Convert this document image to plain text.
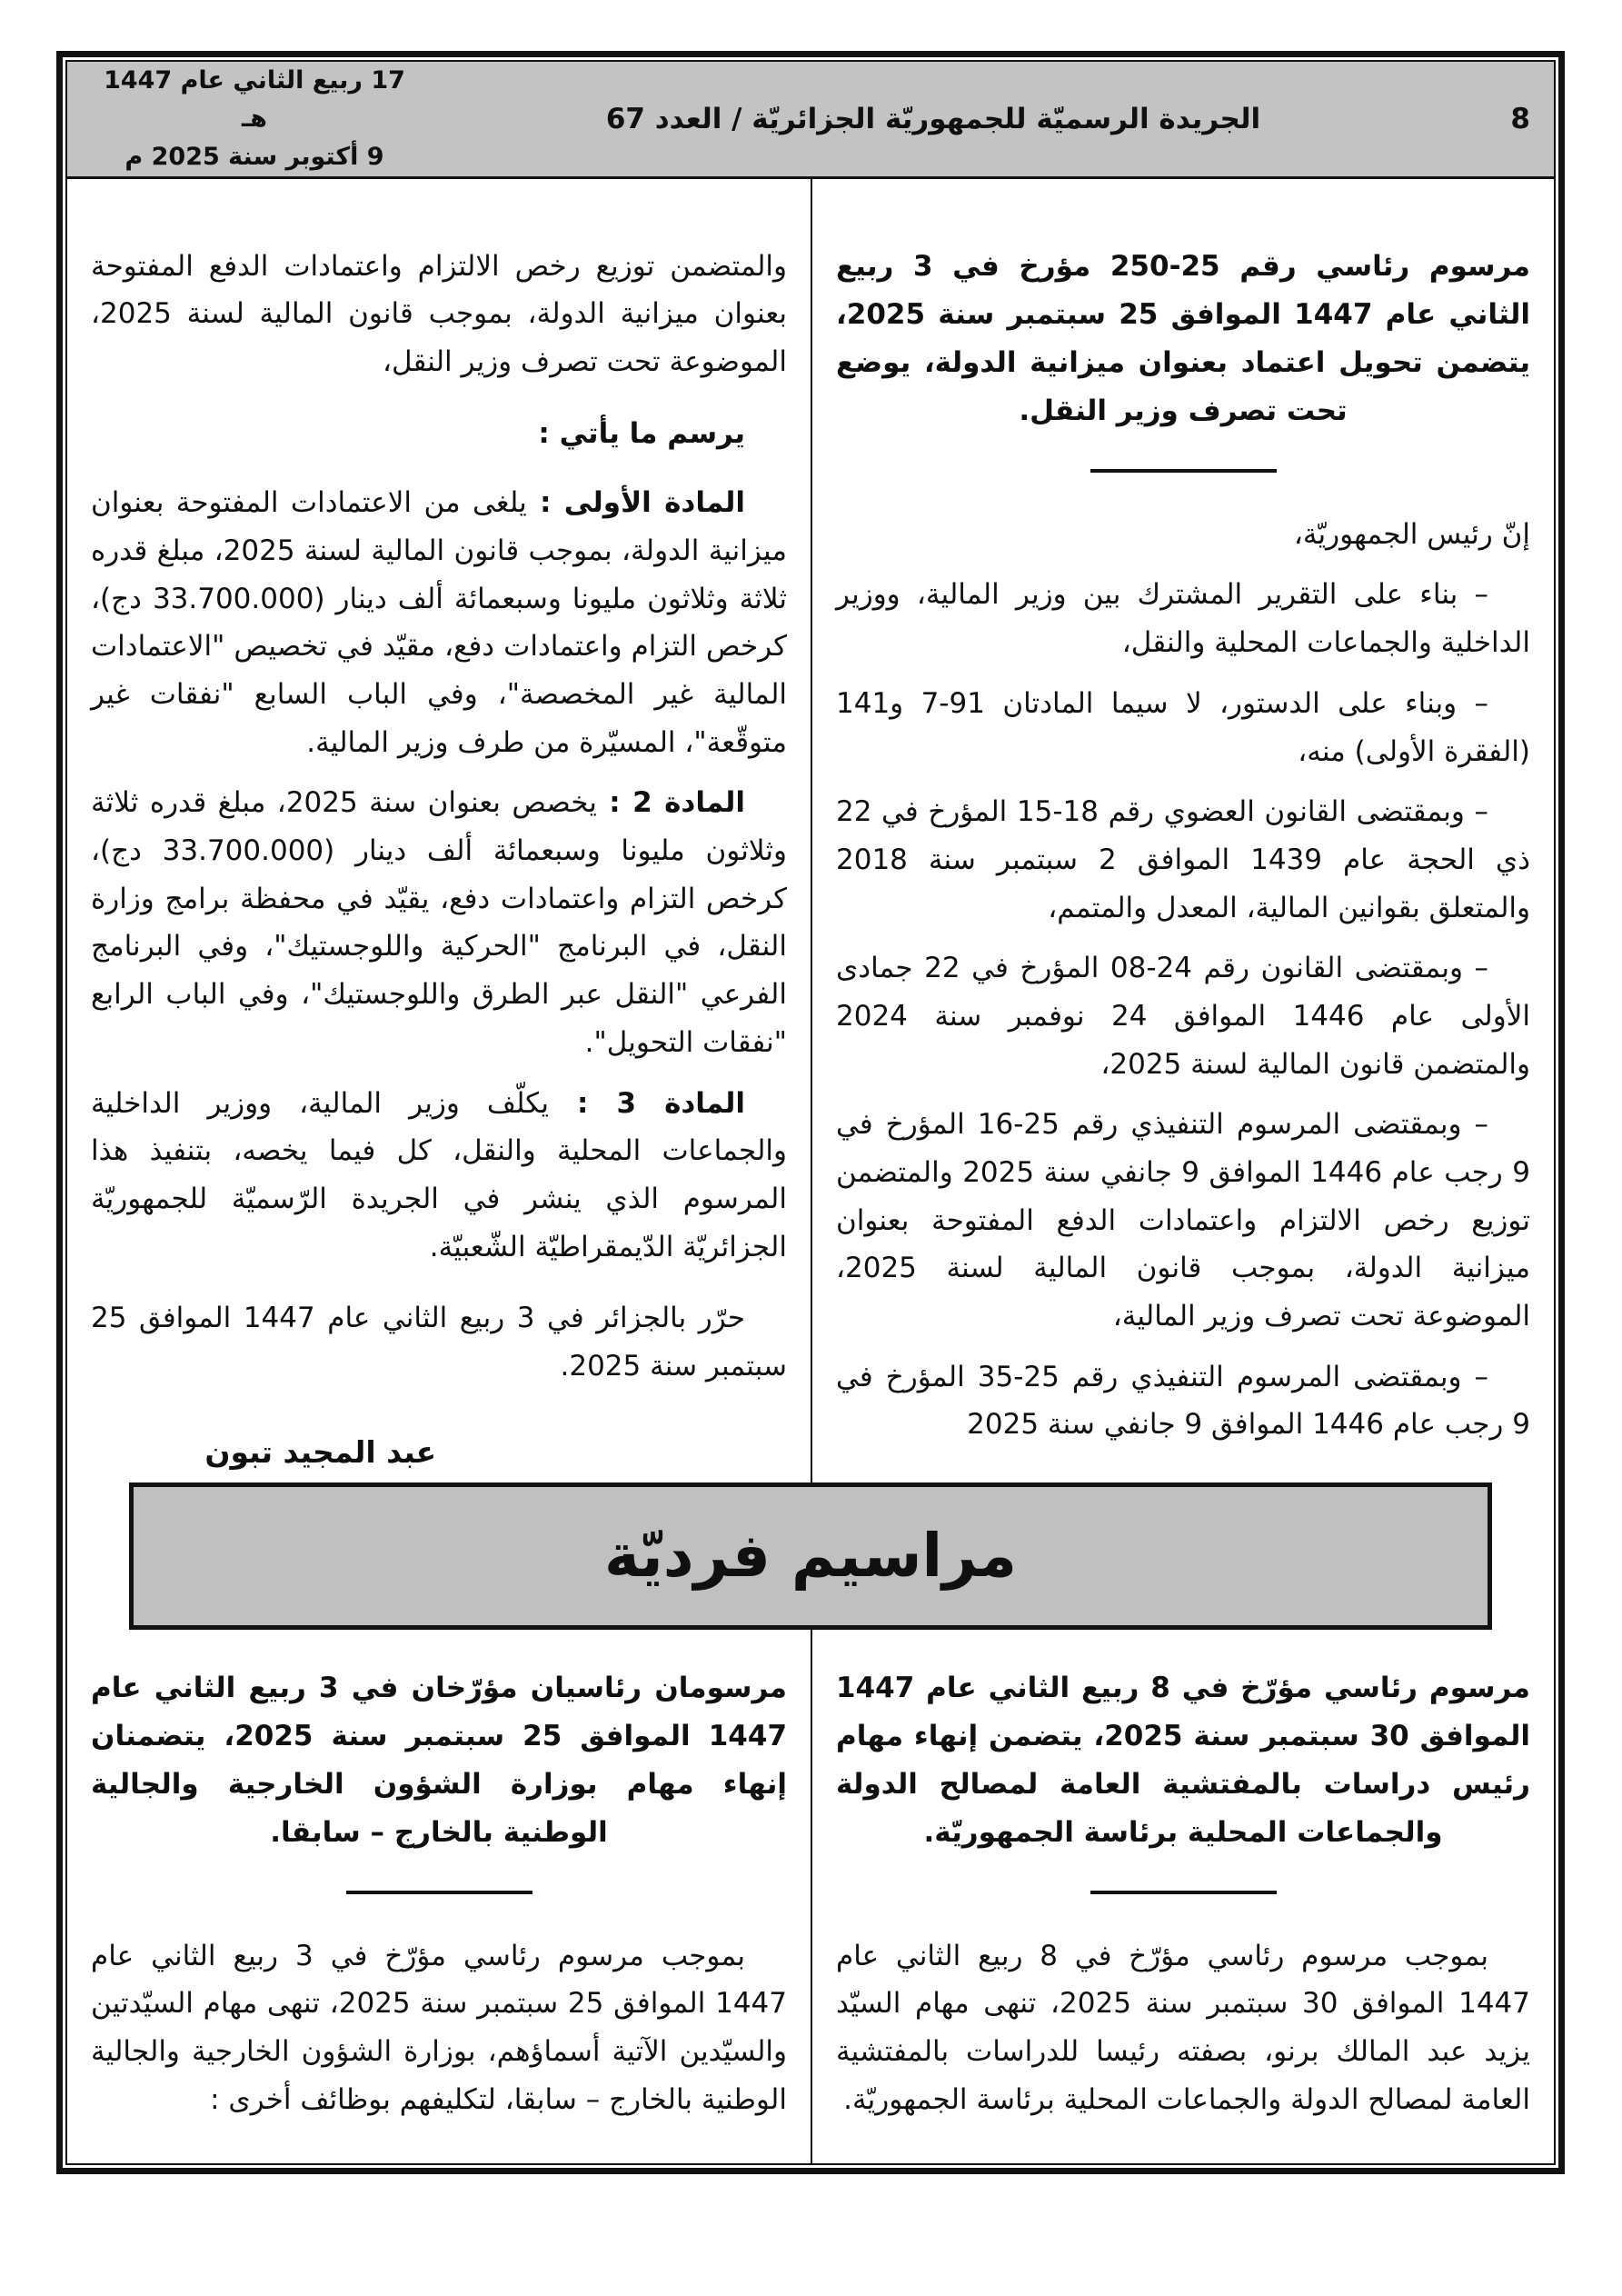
8
الجريدة الرسميّة للجمهوريّة الجزائريّة / العدد 67
17 ربيع الثاني عام 1447 هـ
9 أكتوبر سنة 2025 م

مرسوم رئاسي رقم 25-250 مؤرخ في 3 ربيع الثاني عام 1447 الموافق 25 سبتمبر سنة 2025، يتضمن تحويل اعتماد بعنوان ميزانية الدولة، يوضع تحت تصرف وزير النقل.

إنّ رئيس الجمهوريّة،

– بناء على التقرير المشترك بين وزير المالية، ووزير الداخلية والجماعات المحلية والنقل،

– وبناء على الدستور، لا سيما المادتان 91-7 و141 (الفقرة الأولى) منه،

– وبمقتضى القانون العضوي رقم 18-15 المؤرخ في 22 ذي الحجة عام 1439 الموافق 2 سبتمبر سنة 2018 والمتعلق بقوانين المالية، المعدل والمتمم،

– وبمقتضى القانون رقم 24-08 المؤرخ في 22 جمادى الأولى عام 1446 الموافق 24 نوفمبر سنة 2024 والمتضمن قانون المالية لسنة 2025،

– وبمقتضى المرسوم التنفيذي رقم 25-16 المؤرخ في 9 رجب عام 1446 الموافق 9 جانفي سنة 2025 والمتضمن توزيع رخص الالتزام واعتمادات الدفع المفتوحة بعنوان ميزانية الدولة، بموجب قانون المالية لسنة 2025، الموضوعة تحت تصرف وزير المالية،

– وبمقتضى المرسوم التنفيذي رقم 25-35 المؤرخ في 9 رجب عام 1446 الموافق 9 جانفي سنة 2025

والمتضمن توزيع رخص الالتزام واعتمادات الدفع المفتوحة بعنوان ميزانية الدولة، بموجب قانون المالية لسنة 2025، الموضوعة تحت تصرف وزير النقل،

يرسم ما يأتي :

المادة الأولى : يلغى من الاعتمادات المفتوحة بعنوان ميزانية الدولة، بموجب قانون المالية لسنة 2025، مبلغ قدره ثلاثة وثلاثون مليونا وسبعمائة ألف دينار (33.700.000 دج)، كرخص التزام واعتمادات دفع، مقيّد في تخصيص "الاعتمادات المالية غير المخصصة"، وفي الباب السابع "نفقات غير متوقّعة"، المسيّرة من طرف وزير المالية.

المادة 2 : يخصص بعنوان سنة 2025، مبلغ قدره ثلاثة وثلاثون مليونا وسبعمائة ألف دينار (33.700.000 دج)، كرخص التزام واعتمادات دفع، يقيّد في محفظة برامج وزارة النقل، في البرنامج "الحركية واللوجستيك"، وفي البرنامج الفرعي "النقل عبر الطرق واللوجستيك"، وفي الباب الرابع "نفقات التحويل".

المادة 3 : يكلّف وزير المالية، ووزير الداخلية والجماعات المحلية والنقل، كل فيما يخصه، بتنفيذ هذا المرسوم الذي ينشر في الجريدة الرّسميّة للجمهوريّة الجزائريّة الدّيمقراطيّة الشّعبيّة.

حرّر بالجزائر في 3 ربيع الثاني عام 1447 الموافق 25 سبتمبر سنة 2025.

عبد المجيد تبون
مراسيم فرديّة

مرسوم رئاسي مؤرّخ في 8 ربيع الثاني عام 1447 الموافق 30 سبتمبر سنة 2025، يتضمن إنهاء مهام رئيس دراسات بالمفتشية العامة لمصالح الدولة والجماعات المحلية برئاسة الجمهوريّة.

بموجب مرسوم رئاسي مؤرّخ في 8 ربيع الثاني عام 1447 الموافق 30 سبتمبر سنة 2025، تنهى مهام السيّد يزيد عبد المالك برنو، بصفته رئيسا للدراسات بالمفتشية العامة لمصالح الدولة والجماعات المحلية برئاسة الجمهوريّة.

مرسومان رئاسيان مؤرّخان في 3 ربيع الثاني عام 1447 الموافق 25 سبتمبر سنة 2025، يتضمنان إنهاء مهام بوزارة الشؤون الخارجية والجالية الوطنية بالخارج – سابقا.

بموجب مرسوم رئاسي مؤرّخ في 3 ربيع الثاني عام 1447 الموافق 25 سبتمبر سنة 2025، تنهى مهام السيّدتين والسيّدين الآتية أسماؤهم، بوزارة الشؤون الخارجية والجالية الوطنية بالخارج – سابقا، لتكليفهم بوظائف أخرى :
